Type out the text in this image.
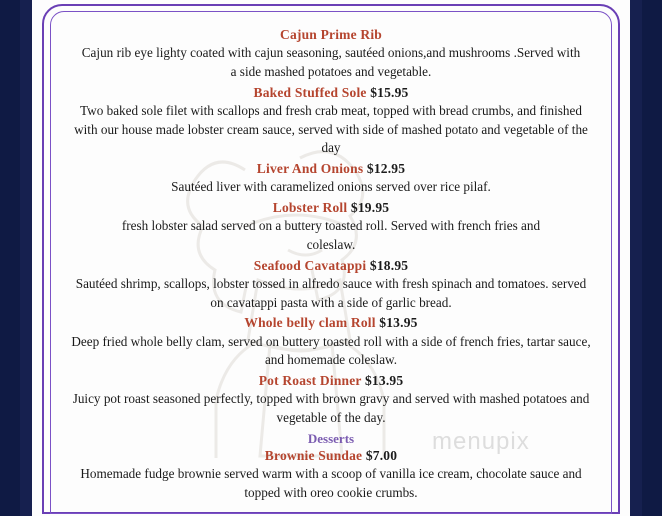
menupix
Cajun Prime Rib
Cajun rib eye lighty coated with cajun seasoning, sautéed onions,and mushrooms .Served with a side mashed potatoes and vegetable.
Baked Stuffed Sole $15.95
Two baked sole filet with scallops and fresh crab meat, topped with bread crumbs, and finished with our house made lobster cream sauce, served with side of mashed potato and vegetable of the day
Liver And Onions $12.95
Sautéed liver with caramelized onions served over rice pilaf.
Lobster Roll $19.95
fresh lobster salad served on a buttery toasted roll. Served with french fries and coleslaw.
Seafood Cavatappi $18.95
Sautéed shrimp, scallops, lobster tossed in alfredo sauce with fresh spinach and tomatoes. served on cavatappi pasta with a side of garlic bread.
Whole belly clam Roll $13.95
Deep fried whole belly clam, served on buttery toasted roll with a side of french fries, tartar sauce, and homemade coleslaw.
Pot Roast Dinner $13.95
Juicy pot roast seasoned perfectly, topped with brown gravy and served with mashed potatoes and vegetable of the day.
Desserts
Brownie Sundae $7.00
Homemade fudge brownie served warm with a scoop of vanilla ice cream, chocolate sauce and topped with oreo cookie crumbs.
